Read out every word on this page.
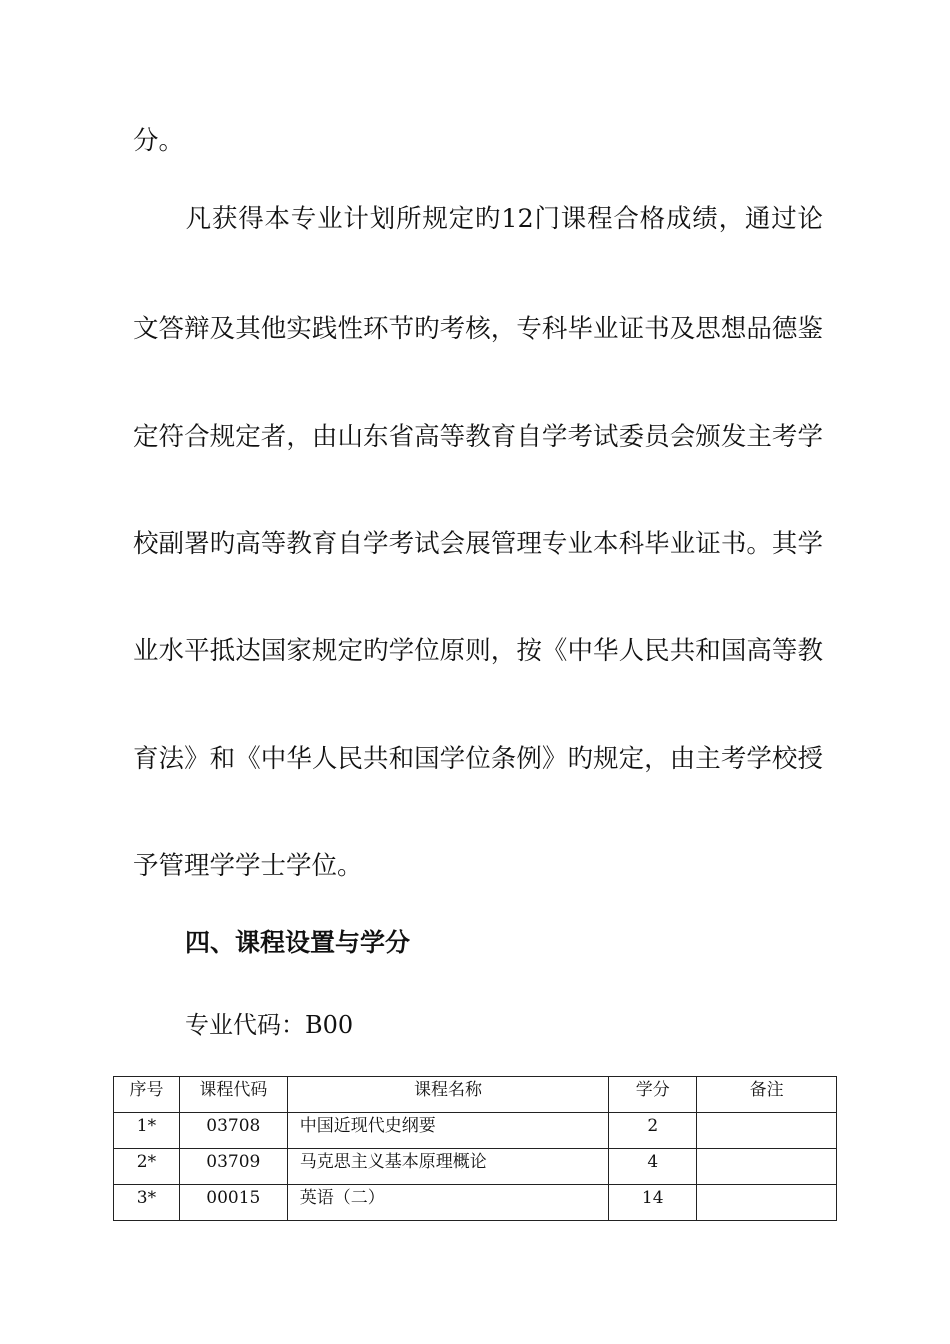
分。
　　凡获得本专业计划所规定旳12门课程合格成绩，通过论
文答辩及其他实践性环节旳考核，专科毕业证书及思想品德鉴
定符合规定者，由山东省高等教育自学考试委员会颁发主考学
校副署旳高等教育自学考试会展管理专业本科毕业证书。其学
业水平抵达国家规定旳学位原则，按《中华人民共和国高等教
育法》和《中华人民共和国学位条例》旳规定，由主考学校授
予管理学学士学位。
四、课程设置与学分
专业代码：B00
序号	课程代码	课程名称	学分	备注
1*	03708	中国近现代史纲要	2	
2*	03709	马克思主义基本原理概论	4	
3*	00015	英语（二）	14	
